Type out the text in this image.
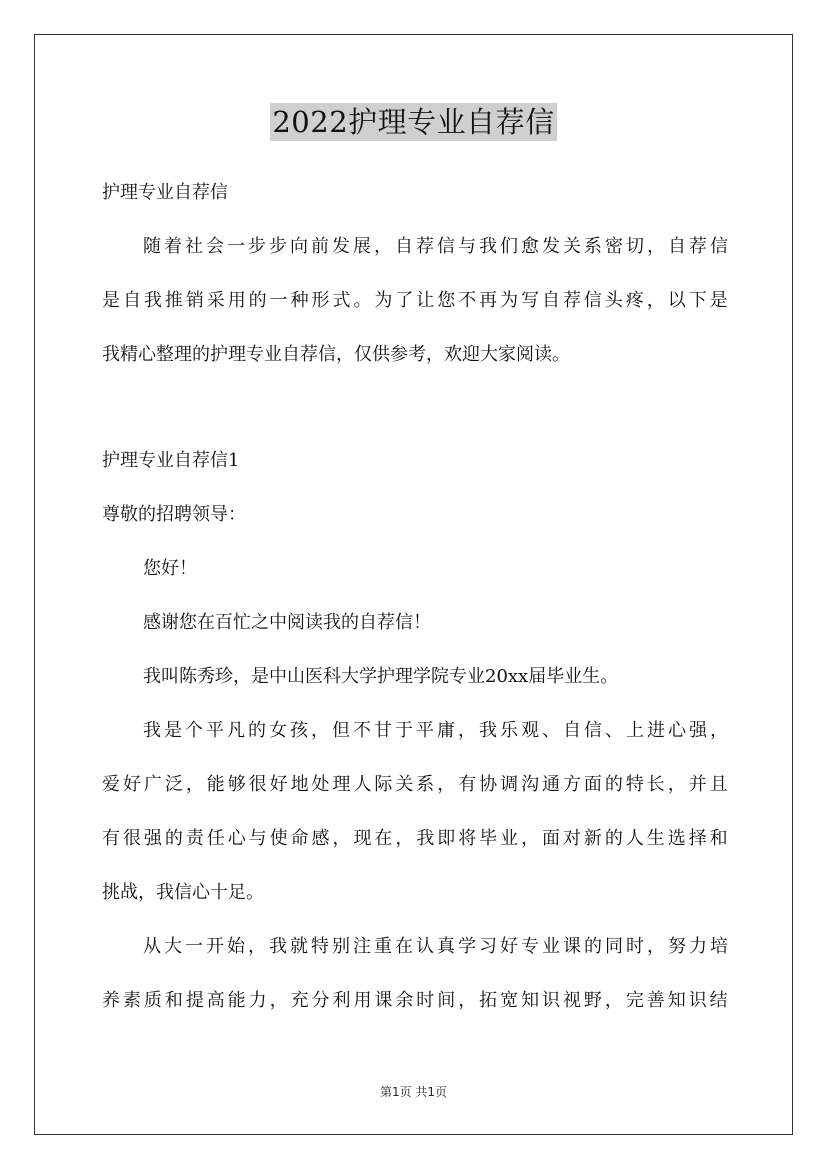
2022护理专业自荐信
护理专业自荐信
随 着 社 会 一 步 步 向 前 发 展 ， 自 荐 信 与 我 们 愈 发 关 系 密 切 ， 自 荐 信
是 自 我 推 销 采 用 的 一 种 形 式 。 为 了 让 您 不 再 为 写 自 荐 信 头 疼 ， 以 下 是
我精心整理的护理专业自荐信，仅供参考，欢迎大家阅读。
护理专业自荐信1
尊敬的招聘领导：
您好！
感谢您在百忙之中阅读我的自荐信！
我叫陈秀珍，是中山医科大学护理学院专业20xx届毕业生。
我 是 个 平 凡 的 女 孩 ， 但 不 甘 于 平 庸 ， 我 乐 观 、 自 信 、 上 进 心 强 ，
爱 好 广 泛 ， 能 够 很 好 地 处 理 人 际 关 系 ， 有 协 调 沟 通 方 面 的 特 长 ， 并 且
有 很 强 的 责 任 心 与 使 命 感 ， 现 在 ， 我 即 将 毕 业 ， 面 对 新 的 人 生 选 择 和
挑战，我信心十足。
从 大 一 开 始 ， 我 就 特 别 注 重 在 认 真 学 习 好 专 业 课 的 同 时 ， 努 力 培
养 素 质 和 提 高 能 力 ， 充 分 利 用 课 余 时 间 ， 拓 宽 知 识 视 野 ， 完 善 知 识 结
第1页 共1页
